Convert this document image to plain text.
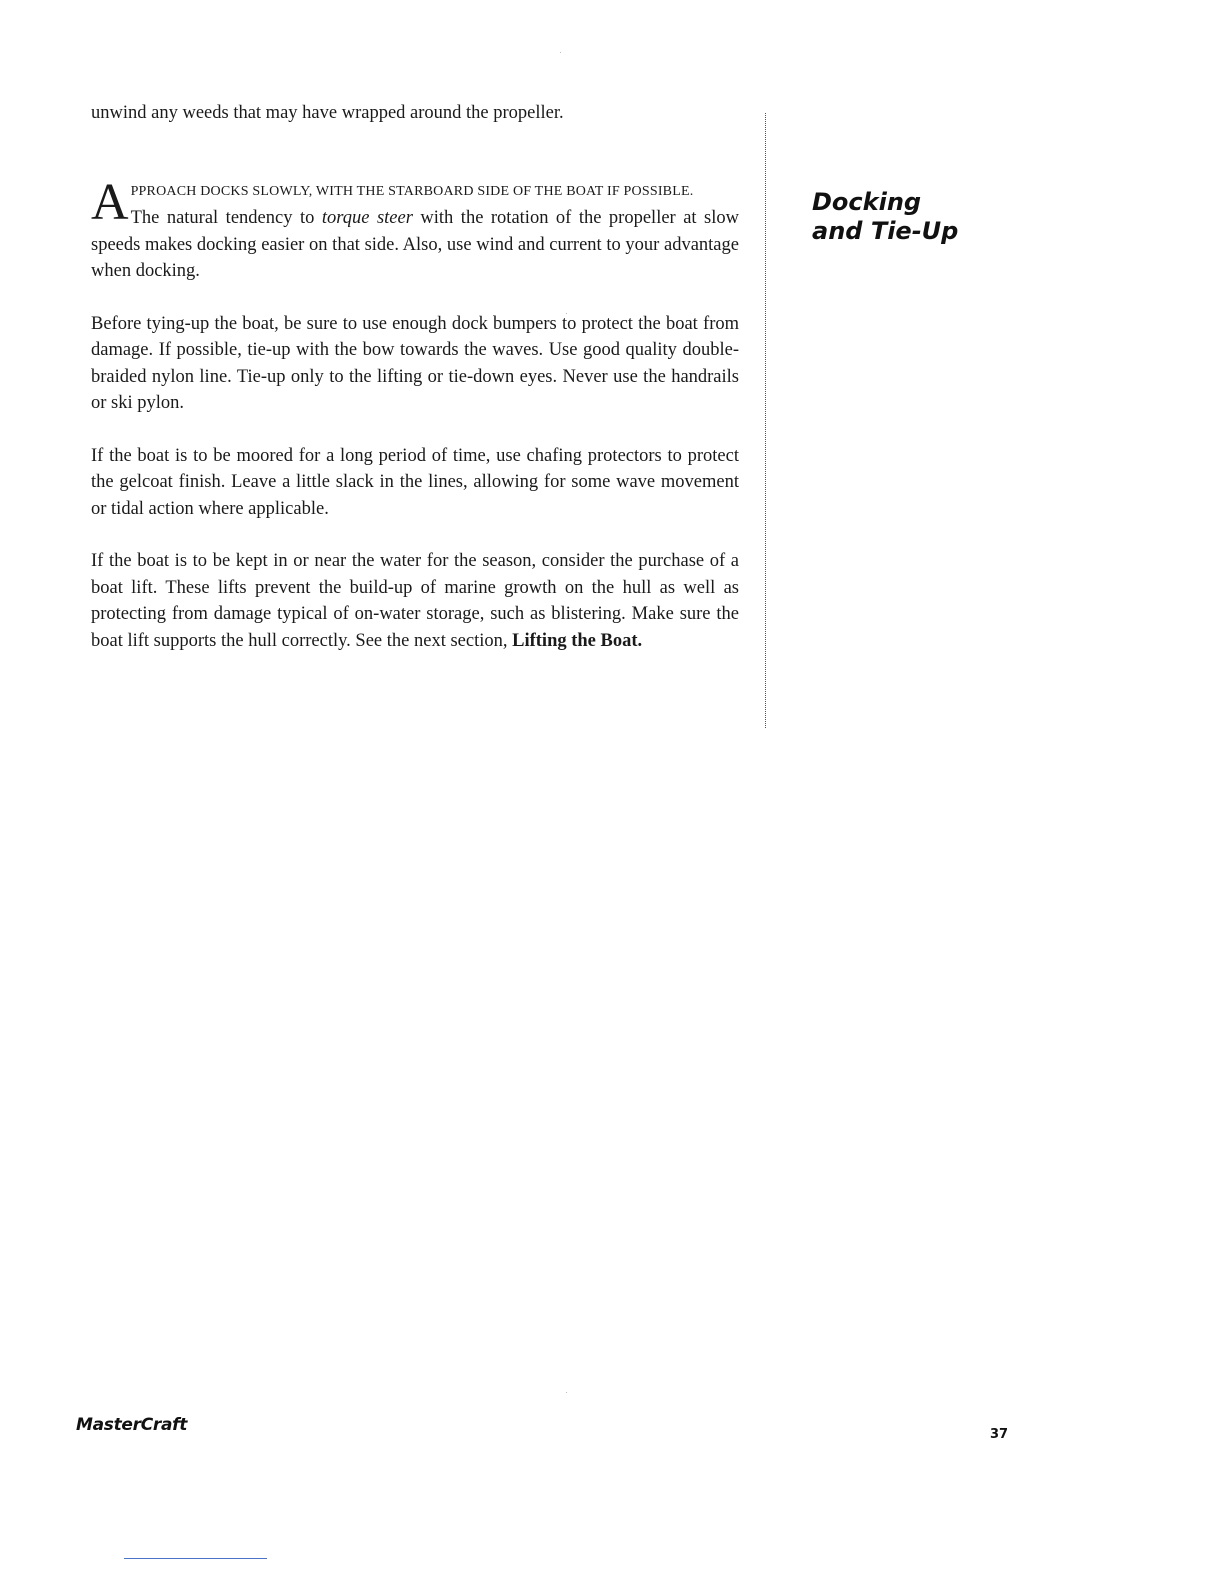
unwind any weeds that may have wrapped around the propeller.

APPROACH DOCKS SLOWLY, WITH THE STARBOARD SIDE OF THE BOAT IF POSSIBLE.
The natural tendency to torque steer with the rotation of the propeller at slow speeds makes docking easier on that side. Also, use wind and current to your advantage when docking.

Before tying-up the boat, be sure to use enough dock bumpers to protect the boat from damage. If possible, tie-up with the bow towards the waves. Use good quality double-braided nylon line. Tie-up only to the lifting or tie-down eyes. Never use the handrails or ski pylon.

If the boat is to be moored for a long period of time, use chafing protectors to protect the gelcoat finish. Leave a little slack in the lines, allowing for some wave movement or tidal action where applicable.

If the boat is to be kept in or near the water for the season, consider the purchase of a boat lift. These lifts prevent the build-up of marine growth on the hull as well as protecting from damage typical of on-water storage, such as blistering. Make sure the boat lift supports the hull correctly. See the next section, Lifting the Boat.

Docking
and Tie-Up
MasterCraft	37
